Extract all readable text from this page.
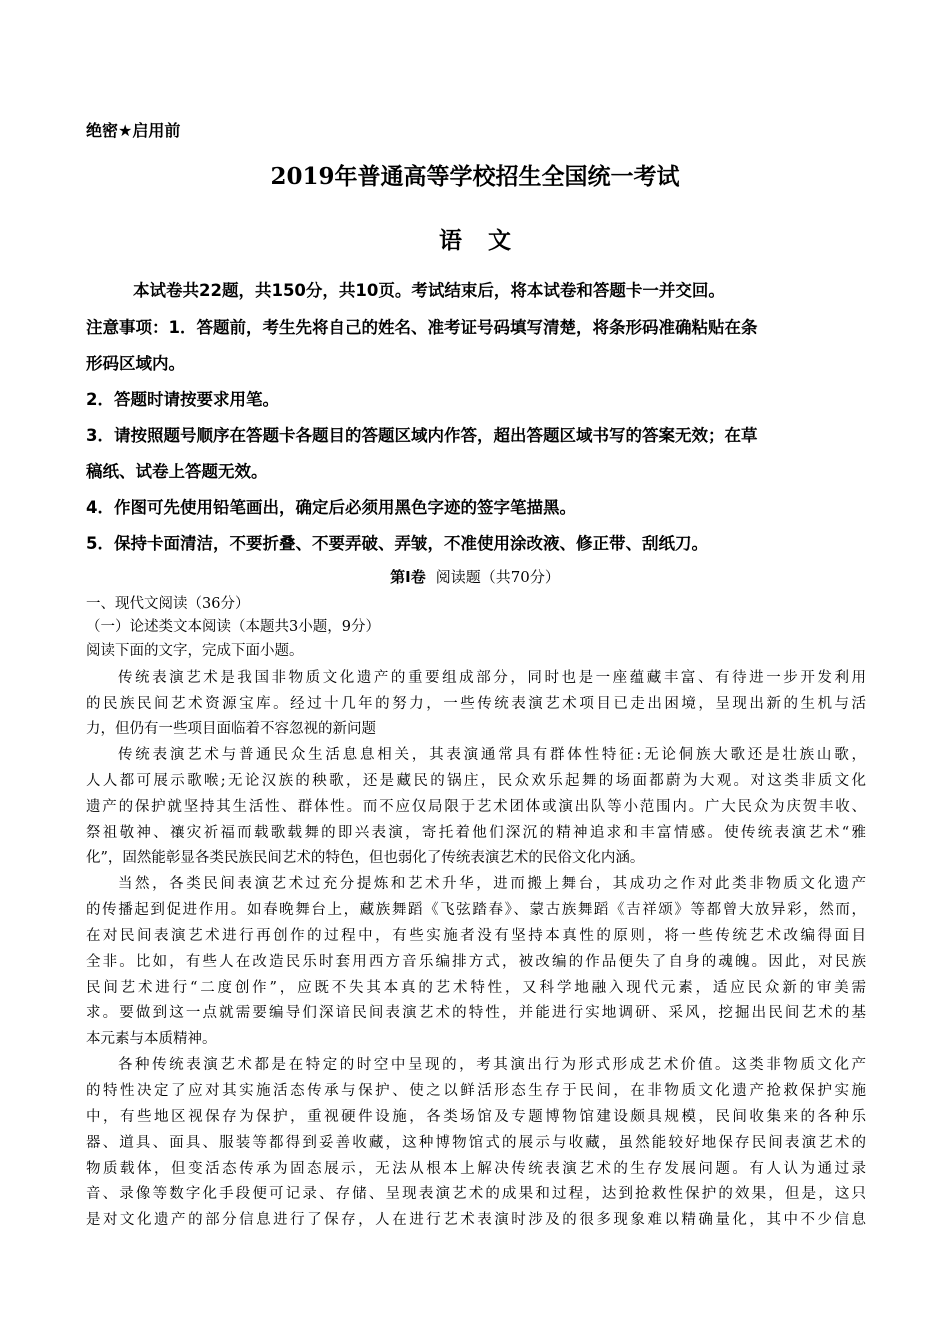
绝密★启用前
2019年普通高等学校招生全国统一考试
语文
本试卷共22题，共150分，共10页。考试结束后，将本试卷和答题卡一并交回。
注意事项：1．答题前，考生先将自己的姓名、准考证号码填写清楚，将条形码准确粘贴在条
形码区域内。
2．答题时请按要求用笔。
3．请按照题号顺序在答题卡各题目的答题区域内作答，超出答题区域书写的答案无效；在草
稿纸、试卷上答题无效。
4．作图可先使用铅笔画出，确定后必须用黑色字迹的签字笔描黑。
5．保持卡面清洁，不要折叠、不要弄破、弄皱，不准使用涂改液、修正带、刮纸刀。
第Ⅰ卷 阅读题（共70分）
一、现代文阅读（36分）
（一）论述类文本阅读（本题共3小题，9分）
阅读下面的文字，完成下面小题。
传统表演艺术是我国非物质文化遗产的重要组成部分，同时也是一座蕴藏丰富、有待进一步开发利用
的民族民间艺术资源宝库。经过十几年的努力，一些传统表演艺术项目已走出困境，呈现出新的生机与活
力，但仍有一些项目面临着不容忽视的新问题
传统表演艺术与普通民众生活息息相关，其表演通常具有群体性特征:无论侗族大歌还是壮族山歌，
人人都可展示歌喉;无论汉族的秧歌，还是藏民的锅庄，民众欢乐起舞的场面都蔚为大观。对这类非质文化
遗产的保护就坚持其生活性、群体性。而不应仅局限于艺术团体或演出队等小范围内。广大民众为庆贺丰收、
祭祖敬神、禳灾祈福而载歌载舞的即兴表演，寄托着他们深沉的精神追求和丰富情感。使传统表演艺术“雅
化”，固然能彰显各类民族民间艺术的特色，但也弱化了传统表演艺术的民俗文化内涵。
当然，各类民间表演艺术过充分提炼和艺术升华，进而搬上舞台，其成功之作对此类非物质文化遗产
的传播起到促进作用。如春晚舞台上，藏族舞蹈《飞弦踏春》、蒙古族舞蹈《吉祥颂》等都曾大放异彩，然而，
在对民间表演艺术进行再创作的过程中，有些实施者没有坚持本真性的原则，将一些传统艺术改编得面目
全非。比如，有些人在改造民乐时套用西方音乐编排方式，被改编的作品便失了自身的魂魄。因此，对民族
民间艺术进行“二度创作”，应既不失其本真的艺术特性，又科学地融入现代元素，适应民众新的审美需
求。要做到这一点就需要编导们深谙民间表演艺术的特性，并能进行实地调研、采风，挖掘出民间艺术的基
本元素与本质精神。
各种传统表演艺术都是在特定的时空中呈现的，考其演出行为形式形成艺术价值。这类非物质文化产
的特性决定了应对其实施活态传承与保护、使之以鲜活形态生存于民间，在非物质文化遗产抢救保护实施
中，有些地区视保存为保护，重视硬件设施，各类场馆及专题博物馆建设颇具规模，民间收集来的各种乐
器、道具、面具、服装等都得到妥善收藏，这种博物馆式的展示与收藏，虽然能较好地保存民间表演艺术的
物质载体，但变活态传承为固态展示，无法从根本上解决传统表演艺术的生存发展问题。有人认为通过录
音、录像等数字化手段便可记录、存储、呈现表演艺术的成果和过程，达到抢救性保护的效果，但是，这只
是对文化遗产的部分信息进行了保存，人在进行艺术表演时涉及的很多现象难以精确量化，其中不少信息
